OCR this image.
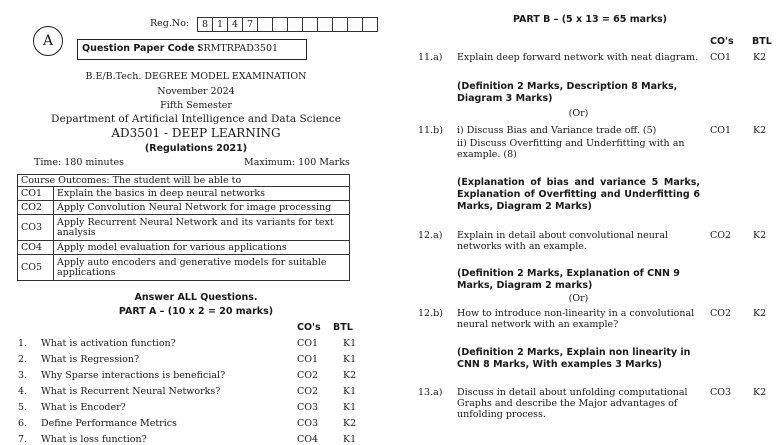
A
Reg.No: 8	1	4	7								
Question Paper Code :
SRMTRPAD3501
B.E/B.Tech. DEGREE MODEL EXAMINATION
November 2024
Fifth Semester
Department of Artificial Intelligence and Data Science
AD3501 - DEEP LEARNING
(Regulations 2021)
Time: 180 minutes	Maximum: 100 Marks
Course Outcomes: The student will be able to	
CO1	Explain the basics in deep neural networks
CO2	Apply Convolution Neural Network for image processing
CO3	Apply Recurrent Neural Network and its variants for text analysis
CO4	Apply model evaluation for various applications
CO5	Apply auto encoders and generative models for suitable applications
Answer ALL Questions.
PART A – (10 x 2 = 20 marks)
CO's BTL
1. What is activation function?	CO1	K1
2. What is Regression?	CO1	K1
3. Why Sparse interactions is beneficial?	CO2	K2
4. What is Recurrent Neural Networks?	CO2	K1
5. What is Encoder?	CO3	K1
6. Define Performance Metrics	CO3	K2
7. What is loss function?	CO4	K1
PART B – (5 x 13 = 65 marks)
CO's BTL
11.a) Explain deep forward network with neat diagram. CO1 K2
(Definition 2 Marks, Description 8 Marks, Diagram 3 Marks)
(Or)
11.b) i) Discuss Bias and Variance trade off. (5)
ii) Discuss Overfitting and Underfitting with an example. (8)
CO1 K2
(Explanation of bias and variance 5 Marks, Explanation of Overfitting and Underfitting 6 Marks, Diagram 2 Marks)
12.a) Explain in detail about convolutional neural networks with an example.
CO2 K2
(Definition 2 Marks, Explanation of CNN 9 Marks, Diagram 2 marks)
(Or)
12.b) How to introduce non-linearity in a convolutional neural network with an example?
CO2 K2
(Definition 2 Marks, Explain non linearity in CNN 8 Marks, With examples 3 Marks)
13.a) Discuss in detail about unfolding computational Graphs and describe the Major advantages of unfolding process.
CO3 K2
